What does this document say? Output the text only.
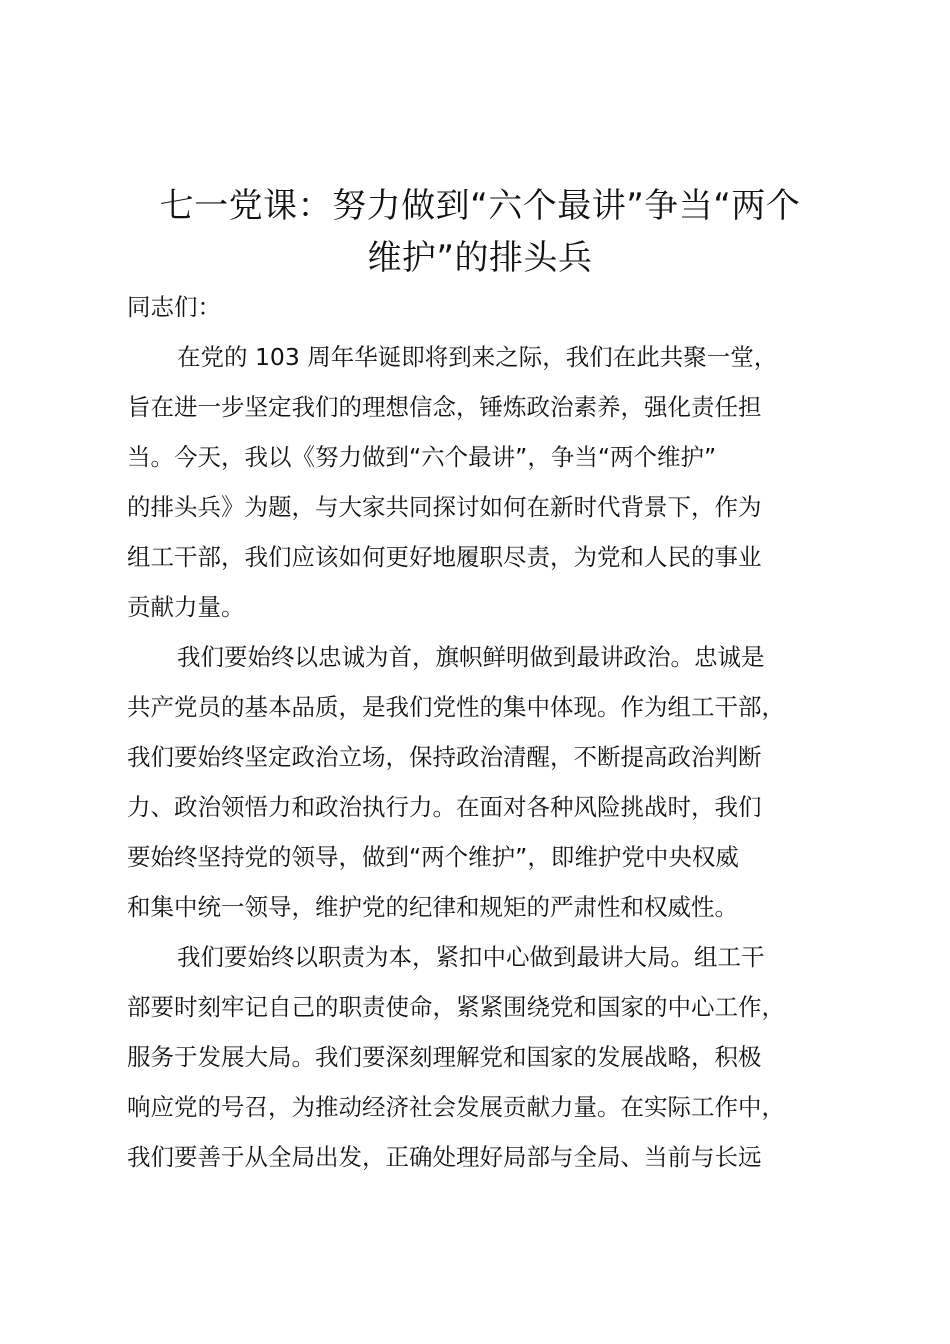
七一党课：努力做到“六个最讲”争当“两个
维护”的排头兵

同志们：

在党的 103 周年华诞即将到来之际，我们在此共聚一堂，
旨在进一步坚定我们的理想信念，锤炼政治素养，强化责任担
当。今天，我以《努力做到“六个最讲”，争当“两个维护”
的排头兵》为题，与大家共同探讨如何在新时代背景下，作为
组工干部，我们应该如何更好地履职尽责，为党和人民的事业
贡献力量。

我们要始终以忠诚为首，旗帜鲜明做到最讲政治。忠诚是
共产党员的基本品质，是我们党性的集中体现。作为组工干部，
我们要始终坚定政治立场，保持政治清醒，不断提高政治判断
力、政治领悟力和政治执行力。在面对各种风险挑战时，我们
要始终坚持党的领导，做到“两个维护”，即维护党中央权威
和集中统一领导，维护党的纪律和规矩的严肃性和权威性。

我们要始终以职责为本，紧扣中心做到最讲大局。组工干
部要时刻牢记自己的职责使命，紧紧围绕党和国家的中心工作，
服务于发展大局。我们要深刻理解党和国家的发展战略，积极
响应党的号召，为推动经济社会发展贡献力量。在实际工作中，
我们要善于从全局出发，正确处理好局部与全局、当前与长远
